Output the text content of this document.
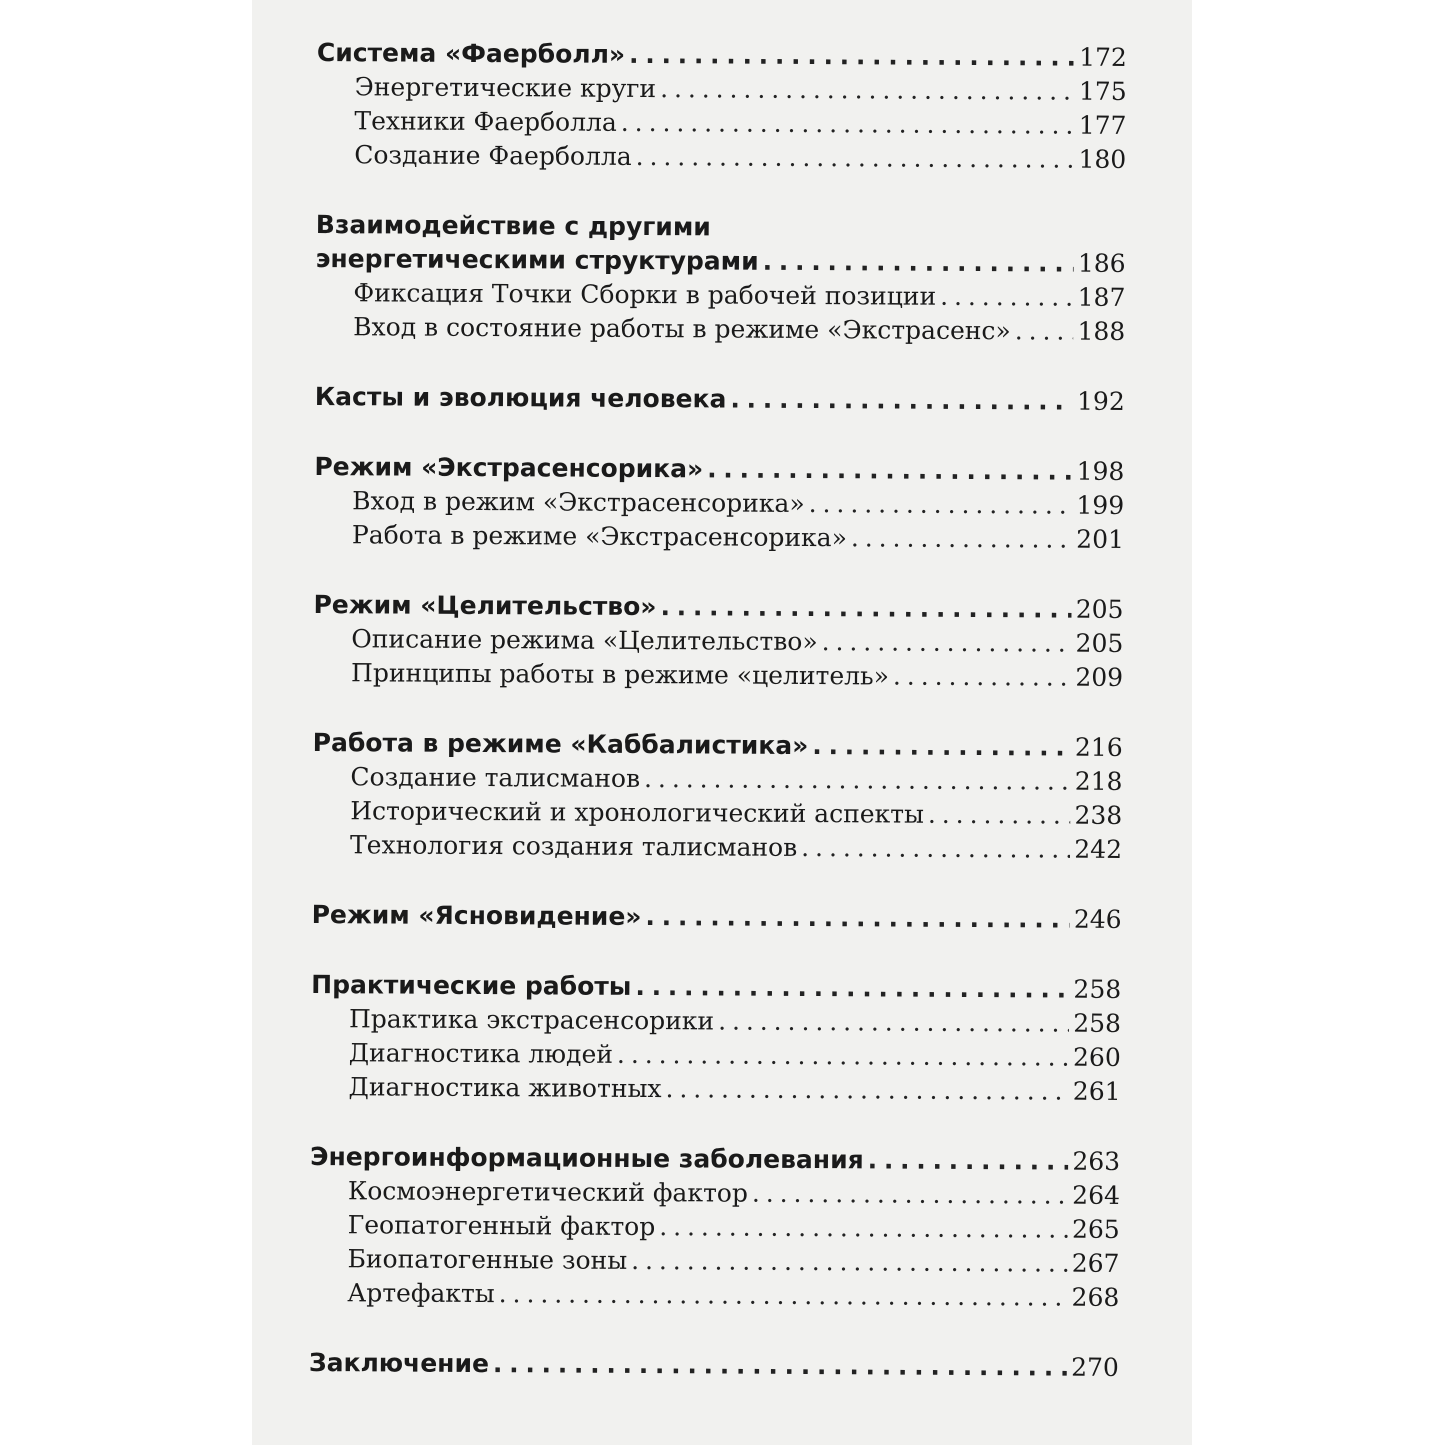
Система «Фаерболл» . . .	172
Энергетические круги . . .	175
Техники Фаерболла . . .	177
Создание Фаерболла . . .	180
Взаимодействие с другими
энергетическими структурами . . .	186
Фиксация Точки Сборки в рабочей позиции . . .	187
Вход в состояние работы в режиме «Экстрасенс» . . .	188
Касты и эволюция человека . . .	192
Режим «Экстрасенсорика» . . .	198
Вход в режим «Экстрасенсорика» . . .	199
Работа в режиме «Экстрасенсорика» . . .	201
Режим «Целительство» . . .	205
Описание режима «Целительство» . . .	205
Принципы работы в режиме «целитель» . . .	209
Работа в режиме «Каббалистика» . . .	216
Создание талисманов . . .	218
Исторический и хронологический аспекты . . .	238
Технология создания талисманов . . .	242
Режим «Ясновидение» . . .	246
Практические работы . . .	258
Практика экстрасенсорики . . .	258
Диагностика людей . . .	260
Диагностика животных . . .	261
Энергоинформационные заболевания . . .	263
Космоэнергетический фактор . . .	264
Геопатогенный фактор . . .	265
Биопатогенные зоны . . .	267
Артефакты . . .	268
Заключение . . .	270
